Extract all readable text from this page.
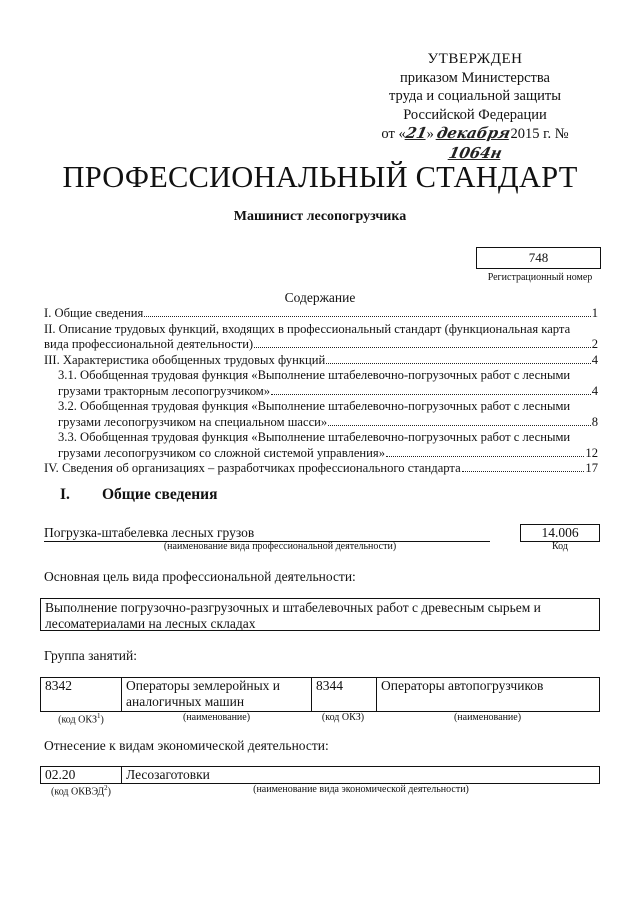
УТВЕРЖДЕН
приказом Министерства
труда и социальной защиты
Российской Федерации
от «21» декабря2015 г. №1064н
ПРОФЕССИОНАЛЬНЫЙ СТАНДАРТ
Машинист лесопогрузчика
748
Регистрационный номер
Содержание
I. Общие сведения	1
II. Описание трудовых функций, входящих в профессиональный стандарт (функциональная карта
вида профессиональной деятельности)	2
III. Характеристика обобщенных трудовых функций	4
3.1. Обобщенная трудовая функция «Выполнение штабелевочно-погрузочных работ с лесными
грузами тракторным лесопогрузчиком»	4
3.2. Обобщенная трудовая функция «Выполнение штабелевочно-погрузочных работ с лесными
грузами лесопогрузчиком на специальном шасси»	8
3.3. Обобщенная трудовая функция «Выполнение штабелевочно-погрузочных работ с лесными
грузами лесопогрузчиком со сложной системой управления»	12
IV. Сведения об организациях – разработчиках профессионального стандарта	17
I. Общие сведения
Погрузка-штабелевка лесных грузов
(наименование вида профессиональной деятельности)
14.006
Код
Основная цель вида профессиональной деятельности:
Выполнение погрузочно-разгрузочных и штабелевочных работ с древесным сырьем и лесоматериалами на лесных складах
Группа занятий:
8342	Операторы землеройных и аналогичных машин	8344	Операторы автопогрузчиков
(код ОКЗ$^1$)	(наименование)	(код ОКЗ)	(наименование)
Отнесение к видам экономической деятельности:
02.20	Лесозаготовки
(код ОКВЭД$^2$)	(наименование вида экономической деятельности)
